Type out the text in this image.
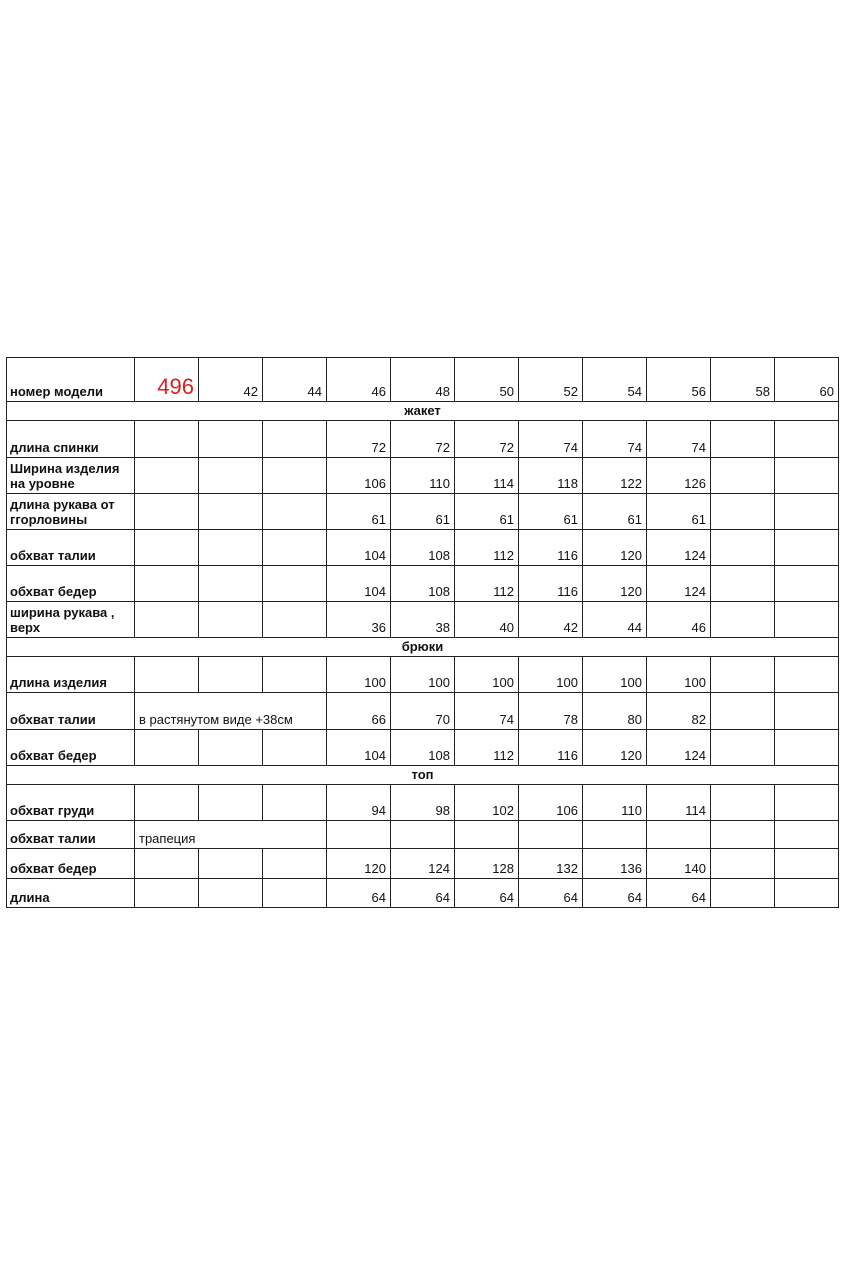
номер модели	496	42	44	46	48	50	52	54	56	58	60
жакет											
длина спинки				72	72	72	74	74	74		
Ширина изделия на уровне				106	110	114	118	122	126		
длина рукава от ггорловины				61	61	61	61	61	61		
обхват талии				104	108	112	116	120	124		
обхват бедер				104	108	112	116	120	124		
ширина рукава , верх				36	38	40	42	44	46		
брюки											
длина изделия				100	100	100	100	100	100		
обхват талии	в растянутом виде +38см			66	70	74	78	80	82		
обхват бедер				104	108	112	116	120	124		
топ											
обхват груди				94	98	102	106	110	114		
обхват талии	трапеция										
обхват бедер				120	124	128	132	136	140		
длина				64	64	64	64	64	64		
